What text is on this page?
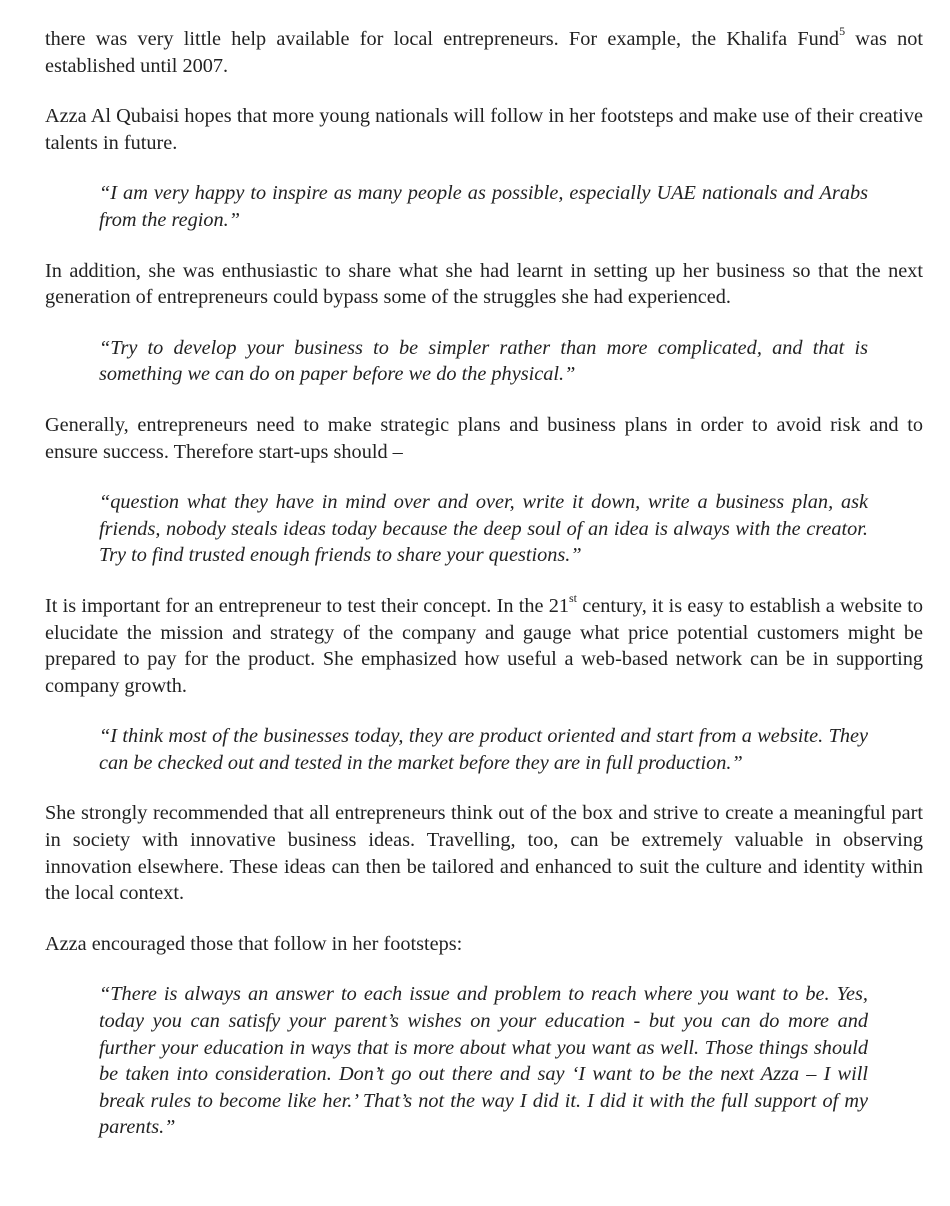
there was very little help available for local entrepreneurs. For example, the Khalifa Fund$^5$ was not established until 2007.

Azza Al Qubaisi hopes that more young nationals will follow in her footsteps and make use of their creative talents in future.

“I am very happy to inspire as many people as possible, especially UAE nationals and Arabs from the region.”

In addition, she was enthusiastic to share what she had learnt in setting up her business so that the next generation of entrepreneurs could bypass some of the struggles she had experienced.

“Try to develop your business to be simpler rather than more complicated, and that is something we can do on paper before we do the physical.”

Generally, entrepreneurs need to make strategic plans and business plans in order to avoid risk and to ensure success. Therefore start-ups should –

“question what they have in mind over and over, write it down, write a business plan, ask friends, nobody steals ideas today because the deep soul of an idea is always with the creator. Try to find trusted enough friends to share your questions.”

It is important for an entrepreneur to test their concept. In the 21st century, it is easy to establish a website to elucidate the mission and strategy of the company and gauge what price potential customers might be prepared to pay for the product. She emphasized how useful a web-based network can be in supporting company growth.

“I think most of the businesses today, they are product oriented and start from a website. They can be checked out and tested in the market before they are in full production.”

She strongly recommended that all entrepreneurs think out of the box and strive to create a meaningful part in society with innovative business ideas. Travelling, too, can be extremely valuable in observing innovation elsewhere. These ideas can then be tailored and enhanced to suit the culture and identity within the local context.

Azza encouraged those that follow in her footsteps:

“There is always an answer to each issue and problem to reach where you want to be. Yes, today you can satisfy your parent’s wishes on your education - but you can do more and further your education in ways that is more about what you want as well. Those things should be taken into consideration. Don’t go out there and say ‘I want to be the next Azza – I will break rules to become like her.’ That’s not the way I did it. I did it with the full support of my parents.”
